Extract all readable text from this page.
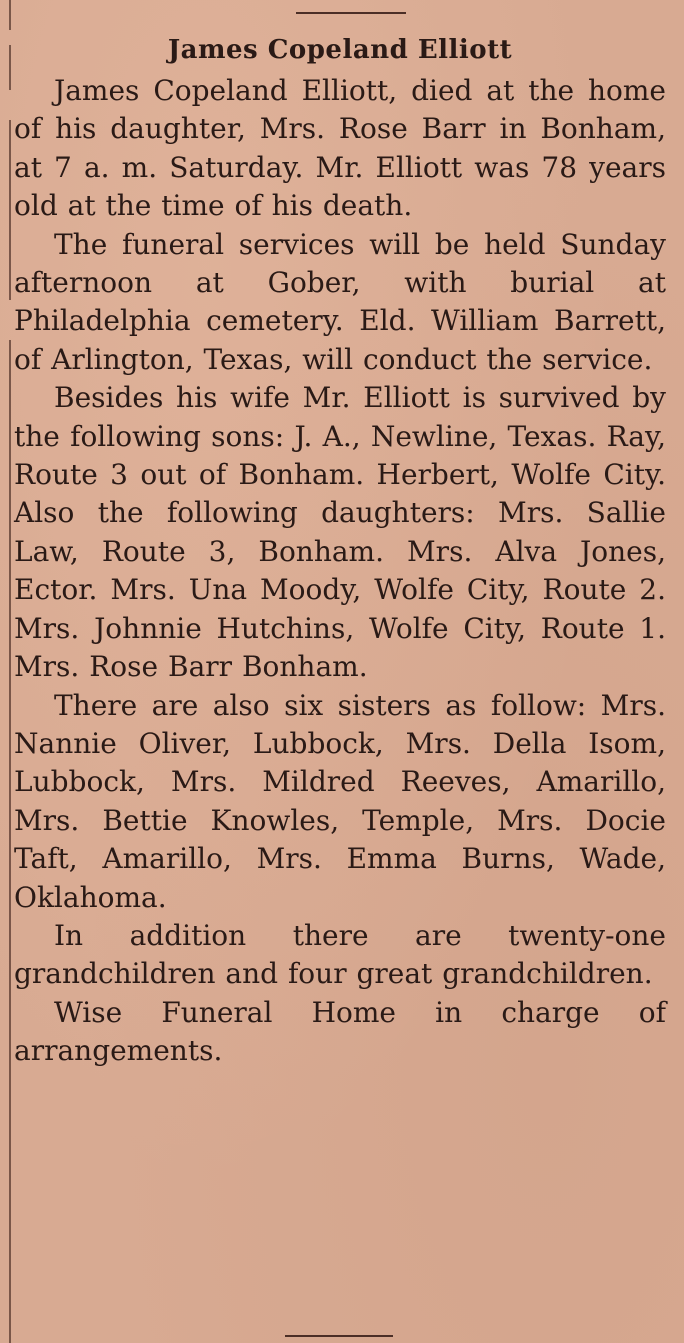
James Copeland Elliott

James Copeland Elliott, died at the home of his daughter, Mrs. Rose Barr in Bonham, at 7 a. m. Saturday. Mr. Elliott was 78 years old at the time of his death.

The funeral services will be held Sunday afternoon at Gober, with burial at Philadelphia cemetery. Eld. William Barrett, of Arlington, Texas, will conduct the service.

Besides his wife Mr. Elliott is survived by the following sons: J. A., Newline, Texas. Ray, Route 3 out of Bonham. Herbert, Wolfe City. Also the following daughters: Mrs. Sallie Law, Route 3, Bonham. Mrs. Alva Jones, Ector. Mrs. Una Moody, Wolfe City, Route 2. Mrs. Johnnie Hutchins, Wolfe City, Route 1. Mrs. Rose Barr Bonham.

There are also six sisters as follow: Mrs. Nannie Oliver, Lubbock, Mrs. Della Isom, Lubbock, Mrs. Mildred Reeves, Amarillo, Mrs. Bettie Knowles, Temple, Mrs. Docie Taft, Amarillo, Mrs. Emma Burns, Wade, Oklahoma.

In addition there are twenty-one grandchildren and four great grandchildren.

Wise Funeral Home in charge of arrangements.
